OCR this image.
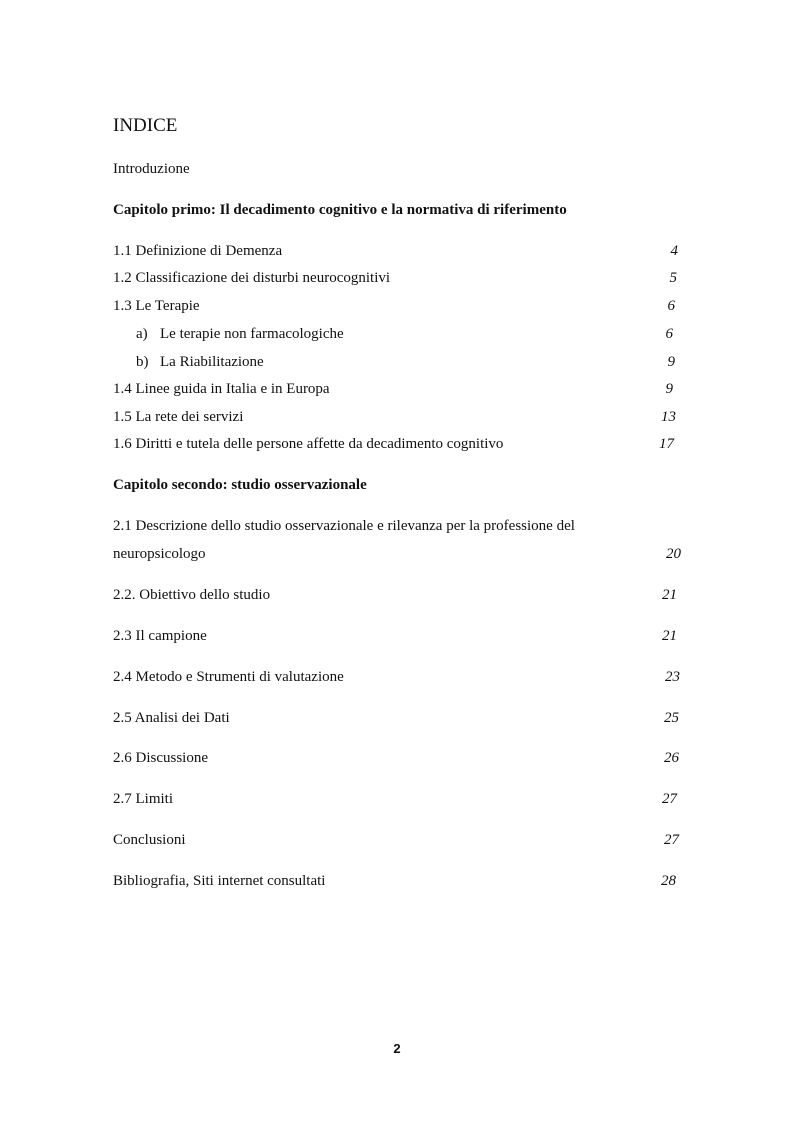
INDICE
Introduzione
Capitolo primo: Il decadimento cognitivo e la normativa di riferimento
1.1 Definizione di Demenza	4
1.2 Classificazione dei disturbi neurocognitivi	5
1.3 Le Terapie	6
a) Le terapie non farmacologiche	6
b) La Riabilitazione	9
1.4 Linee guida in Italia e in Europa	9
1.5 La rete dei servizi	13
1.6 Diritti e tutela delle persone affette da decadimento cognitivo	17
Capitolo secondo: studio osservazionale
2.1 Descrizione dello studio osservazionale e rilevanza per la professione del
neuropsicologo	20
2.2. Obiettivo dello studio	21
2.3 Il campione	21
2.4 Metodo e Strumenti di valutazione	23
2.5 Analisi dei Dati	25
2.6 Discussione	26
2.7 Limiti	27
Conclusioni	27
Bibliografia, Siti internet consultati	28
2
